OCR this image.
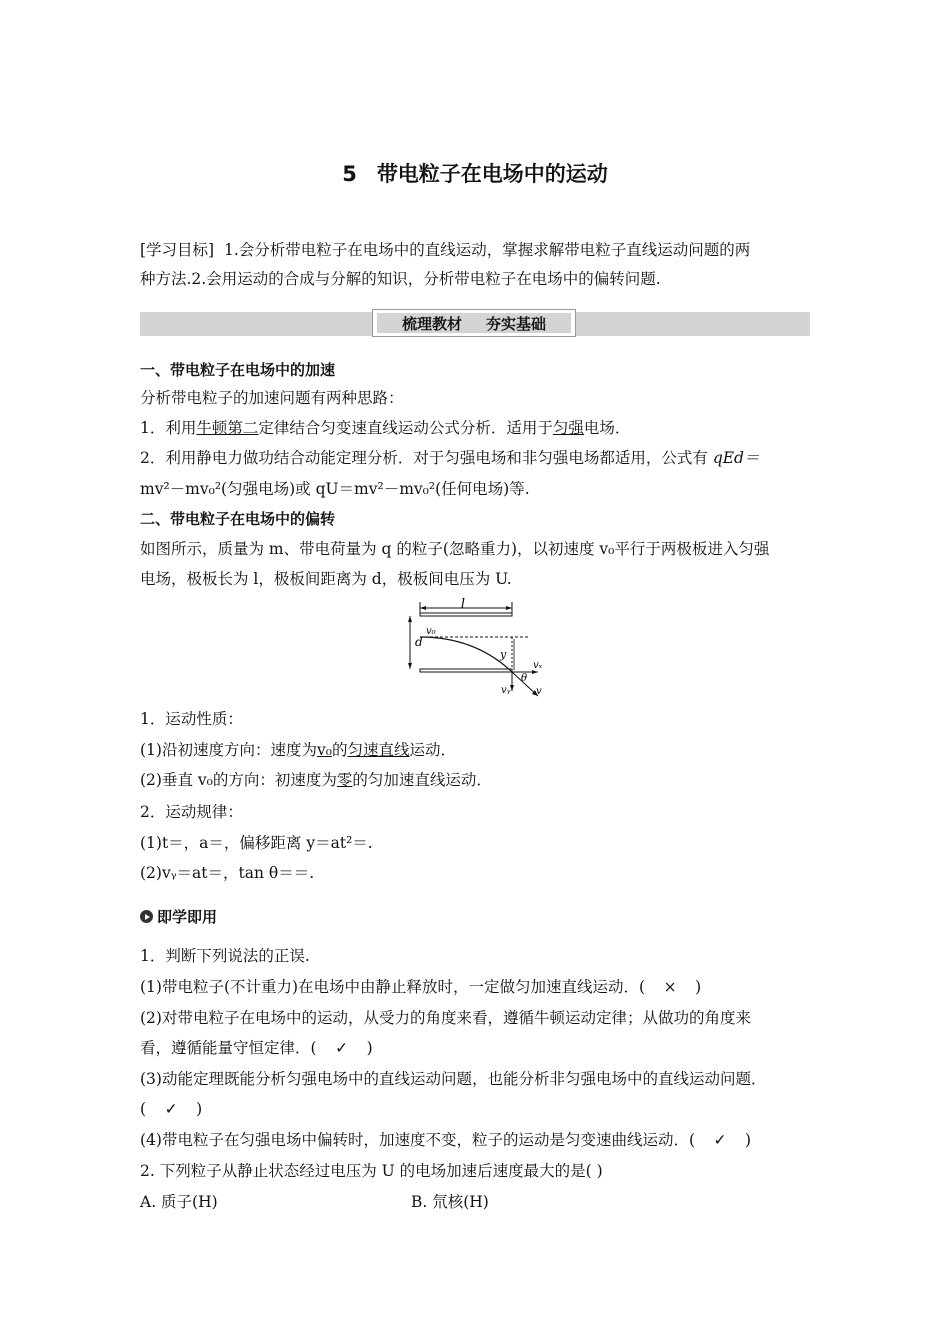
5 带电粒子在电场中的运动
[学习目标] 1.会分析带电粒子在电场中的直线运动，掌握求解带电粒子直线运动问题的两
种方法.2.会用运动的合成与分解的知识，分析带电粒子在电场中的偏转问题.
梳理教材 夯实基础
一、带电粒子在电场中的加速
分析带电粒子的加速问题有两种思路：
1．利用牛顿第二定律结合匀变速直线运动公式分析．适用于匀强电场．
2．利用静电力做功结合动能定理分析．对于匀强电场和非匀强电场都适用，公式有 qEd＝
mv²－mv₀²(匀强电场)或 qU＝mv²－mv₀²(任何电场)等.
二、带电粒子在电场中的偏转
如图所示，质量为 m、带电荷量为 q 的粒子(忽略重力)，以初速度 v₀平行于两极板进入匀强
电场，极板长为 l，极板间距离为 d，极板间电压为 U.
l
d
v₀
y
vₓ
θ
vᵧ	v
1．运动性质：
(1)沿初速度方向：速度为v₀的匀速直线运动．
(2)垂直 v₀的方向：初速度为零的匀加速直线运动．
2．运动规律：
(1)t＝，a＝，偏移距离 y＝at²＝.
(2)vᵧ＝at＝，tan θ＝＝.
即学即用
1．判断下列说法的正误.
(1)带电粒子(不计重力)在电场中由静止释放时，一定做匀加速直线运动．( × )
(2)对带电粒子在电场中的运动，从受力的角度来看，遵循牛顿运动定律；从做功的角度来
看，遵循能量守恒定律．( ✓ )
(3)动能定理既能分析匀强电场中的直线运动问题，也能分析非匀强电场中的直线运动问题．
( ✓ )
(4)带电粒子在匀强电场中偏转时，加速度不变，粒子的运动是匀变速曲线运动．( ✓ )
2. 下列粒子从静止状态经过电压为 U 的电场加速后速度最大的是( )
A. 质子(H)	B. 氘核(H)
